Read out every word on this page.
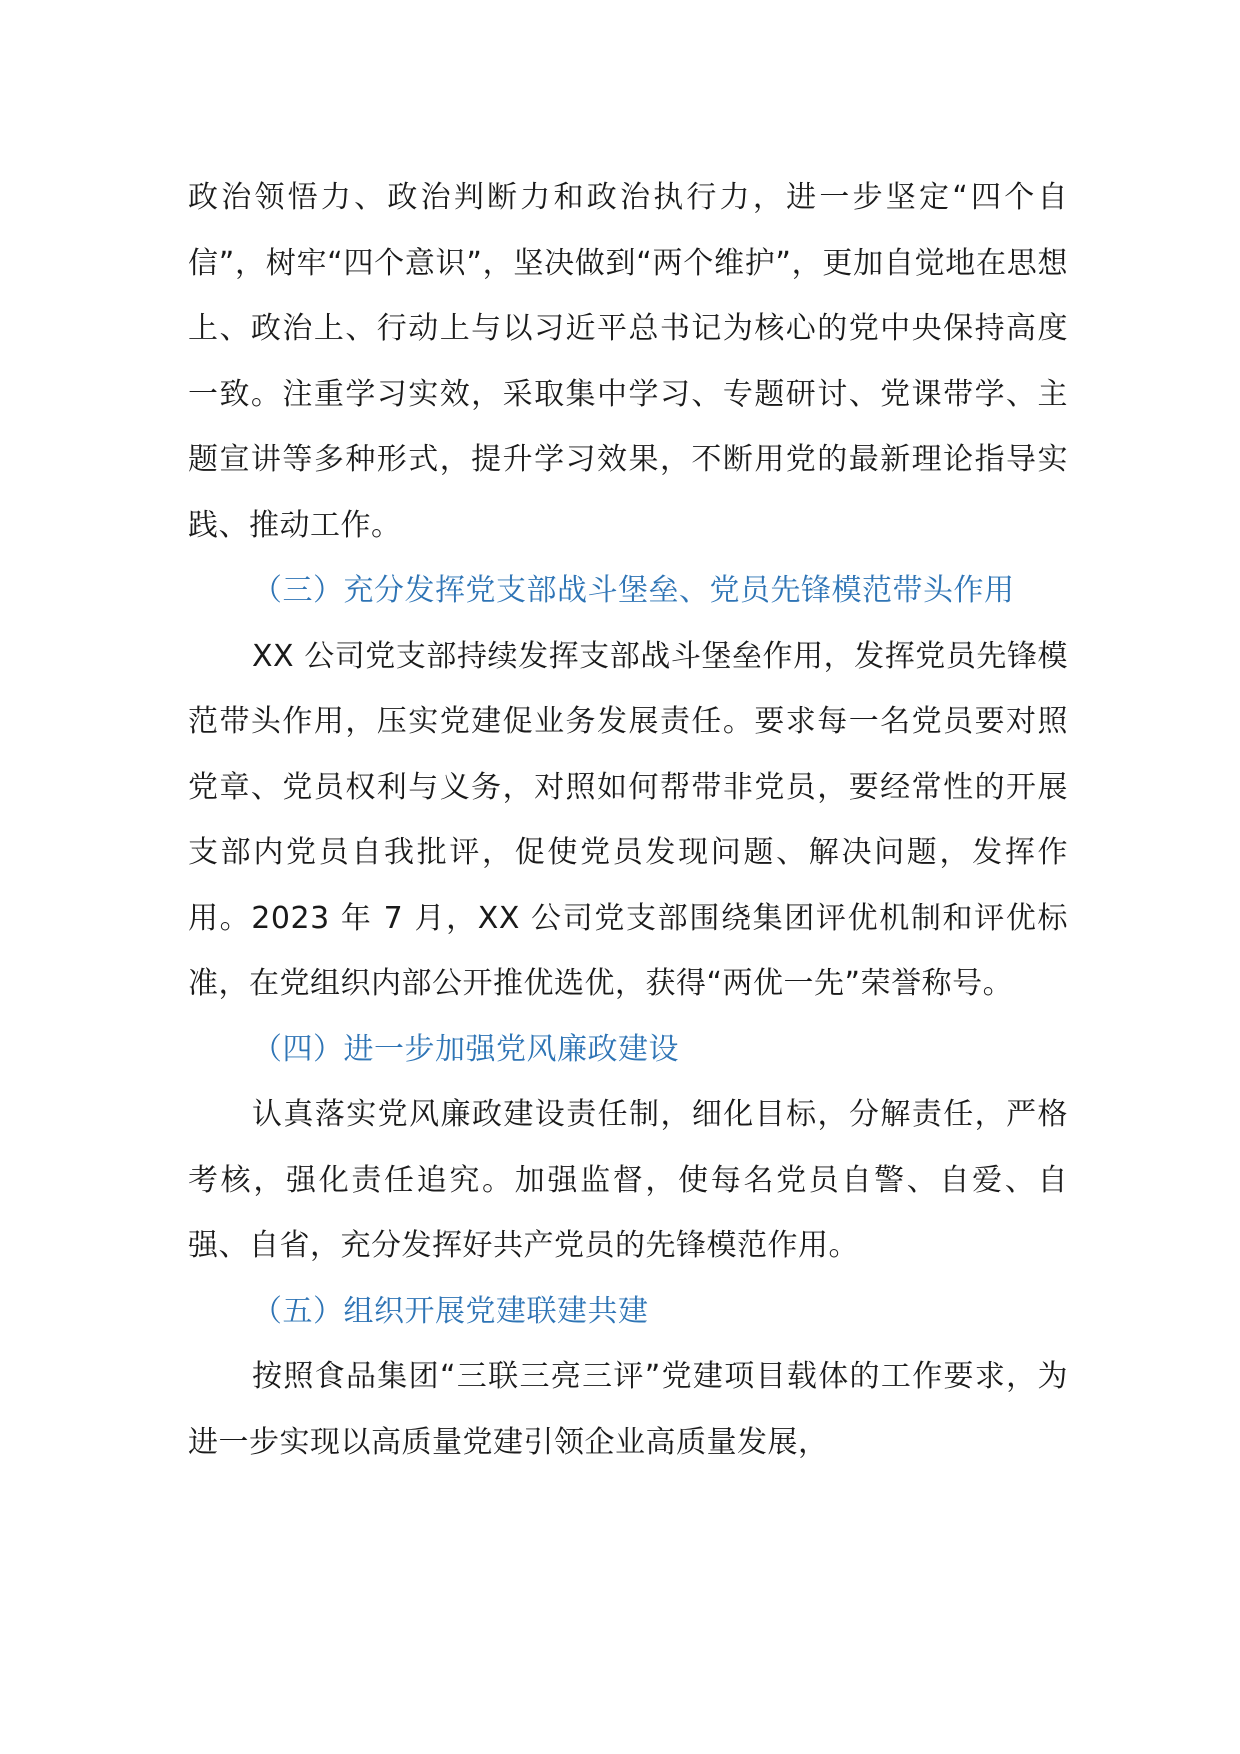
政治领悟力、政治判断力和政治执行力，进一步坚定“四个自信”，树牢“四个意识”，坚决做到“两个维护”，更加自觉地在思想上、政治上、行动上与以习近平总书记为核心的党中央保持高度一致。注重学习实效，采取集中学习、专题研讨、党课带学、主题宣讲等多种形式，提升学习效果，不断用党的最新理论指导实践、推动工作。

（三）充分发挥党支部战斗堡垒、党员先锋模范带头作用

XX 公司党支部持续发挥支部战斗堡垒作用，发挥党员先锋模范带头作用，压实党建促业务发展责任。要求每一名党员要对照党章、党员权利与义务，对照如何帮带非党员，要经常性的开展支部内党员自我批评，促使党员发现问题、解决问题，发挥作用。2023 年 7 月，XX 公司党支部围绕集团评优机制和评优标准，在党组织内部公开推优选优，获得“两优一先”荣誉称号。

（四）进一步加强党风廉政建设

认真落实党风廉政建设责任制，细化目标，分解责任，严格考核，强化责任追究。加强监督，使每名党员自警、自爱、自强、自省，充分发挥好共产党员的先锋模范作用。

（五）组织开展党建联建共建

按照食品集团“三联三亮三评”党建项目载体的工作要求，为进一步实现以高质量党建引领企业高质量发展，
